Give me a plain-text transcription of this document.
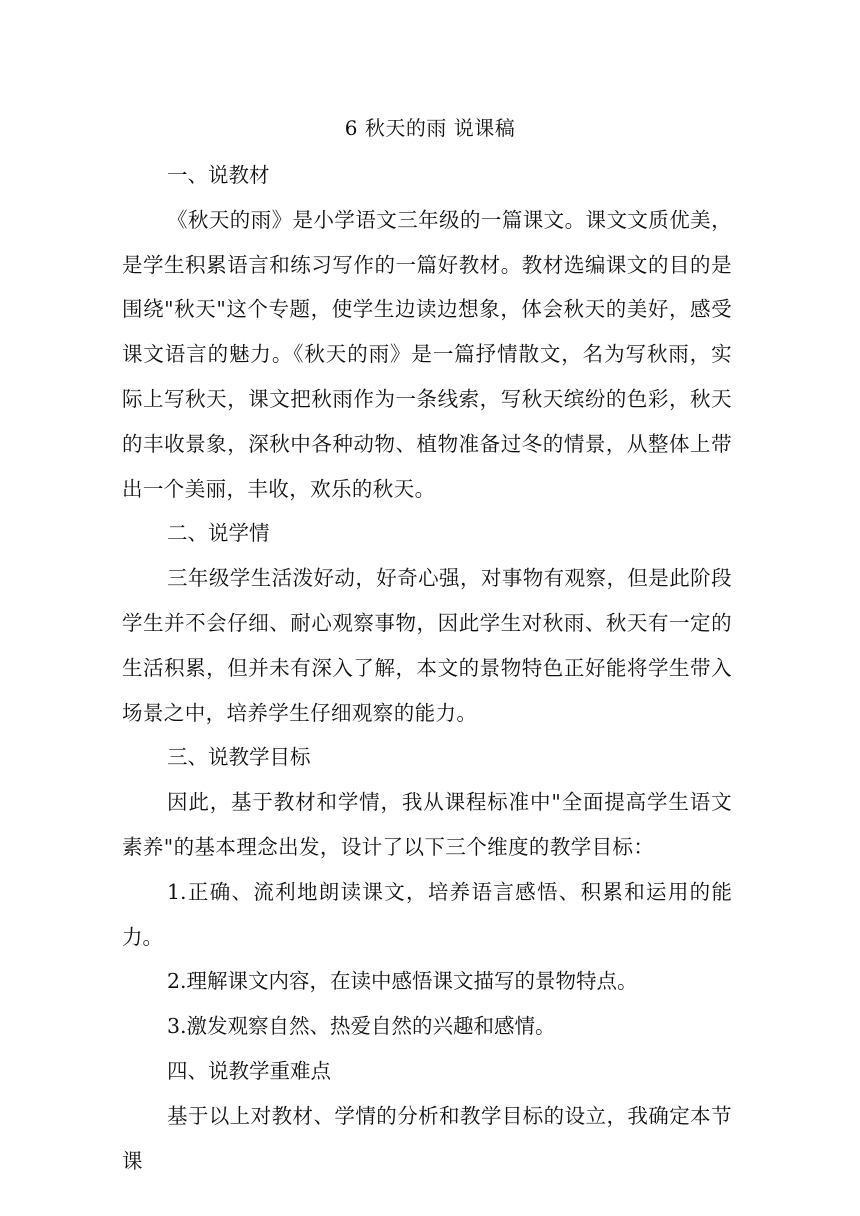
6 秋天的雨 说课稿

一、说教材

《秋天的雨》是小学语文三年级的一篇课文。课文文质优美，是学生积累语言和练习写作的一篇好教材。教材选编课文的目的是围绕"秋天"这个专题，使学生边读边想象，体会秋天的美好，感受课文语言的魅力。《秋天的雨》是一篇抒情散文，名为写秋雨，实际上写秋天，课文把秋雨作为一条线索，写秋天缤纷的色彩，秋天的丰收景象，深秋中各种动物、植物准备过冬的情景，从整体上带出一个美丽，丰收，欢乐的秋天。

二、说学情

三年级学生活泼好动，好奇心强，对事物有观察，但是此阶段学生并不会仔细、耐心观察事物，因此学生对秋雨、秋天有一定的生活积累，但并未有深入了解，本文的景物特色正好能将学生带入场景之中，培养学生仔细观察的能力。

三、说教学目标

因此，基于教材和学情，我从课程标准中"全面提高学生语文素养"的基本理念出发，设计了以下三个维度的教学目标：

1.正确、流利地朗读课文，培养语言感悟、积累和运用的能力。

2.理解课文内容，在读中感悟课文描写的景物特点。

3.激发观察自然、热爱自然的兴趣和感情。

四、说教学重难点

基于以上对教材、学情的分析和教学目标的设立，我确定本节课
